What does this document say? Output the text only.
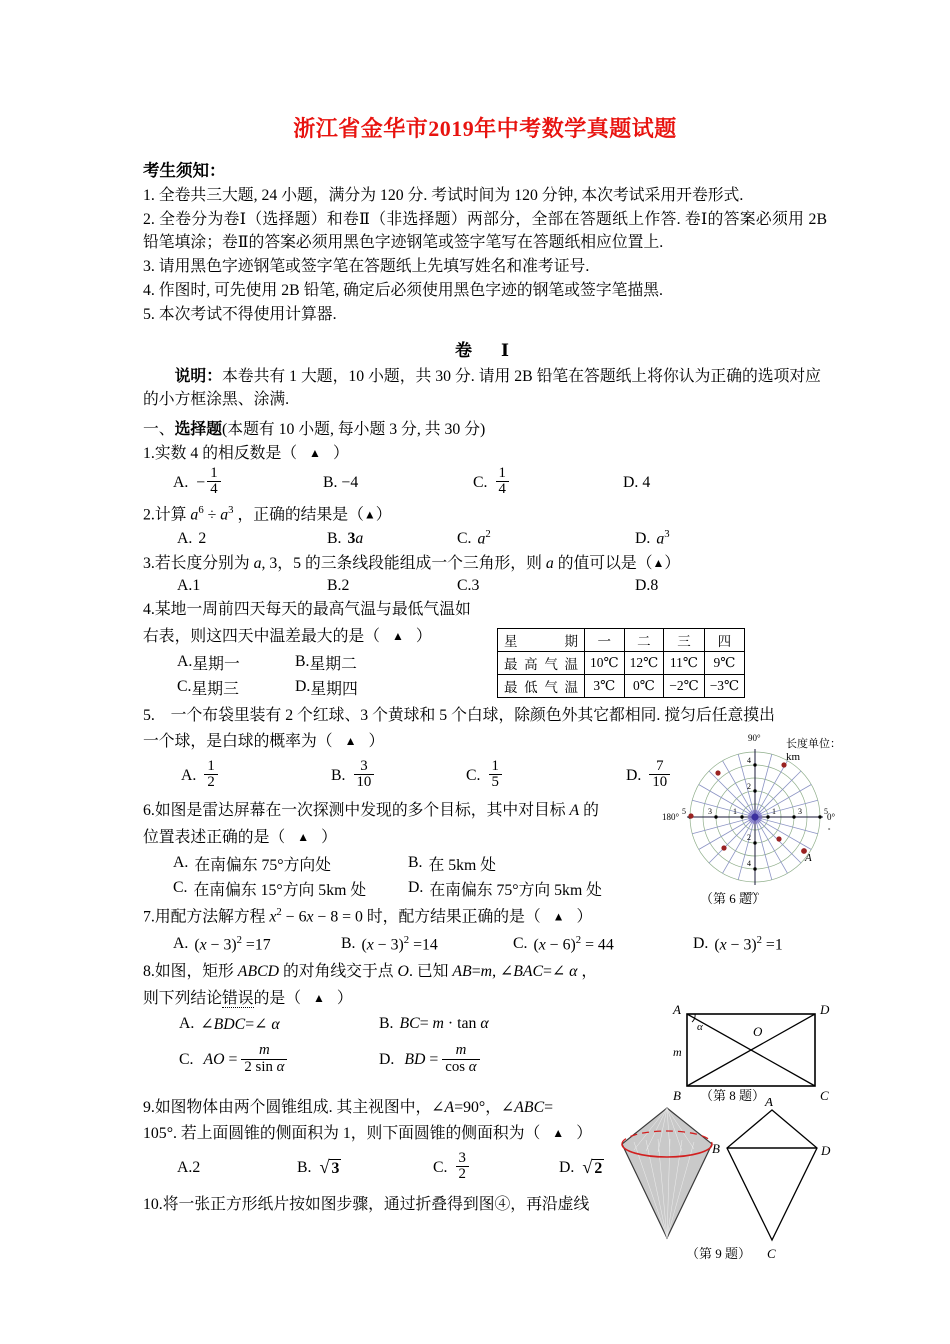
浙江省金华市2019年中考数学真题试题
考生须知：
1. 全卷共三大题, 24 小题，满分为 120 分. 考试时间为 120 分钟, 本次考试采用开卷形式.
2. 全卷分为卷Ⅰ（选择题）和卷Ⅱ（非选择题）两部分，全部在答题纸上作答. 卷Ⅰ的答案必须用 2B 铅笔填涂；卷Ⅱ的答案必须用黑色字迹钢笔或签字笔写在答题纸相应位置上.
3. 请用黑色字迹钢笔或签字笔在答题纸上先填写姓名和准考证号.
4. 作图时, 可先使用 2B 铅笔, 确定后必须使用黑色字迹的钢笔或签字笔描黑.
5. 本次考试不得使用计算器.
卷　Ⅰ
说明：本卷共有 1 大题，10 小题，共 30 分. 请用 2B 铅笔在答题纸上将你认为正确的选项对应的小方框涂黑、涂满.
一、选择题(本题有 10 小题, 每小题 3 分, 共 30 分)
1.实数 4 的相反数是（　▲　）
A. − $\frac{1}{4}$	B. −4	C. $\frac{1}{4}$	D. 4
2.计算 $a^6 \div a^3$ ，正确的结果是（▲）
A. 2	B. 3a	C. $a^2$	D. $a^3$
3.若长度分别为 a, 3，5 的三条线段能组成一个三角形，则 a 的值可以是（▲）
A. 1	B. 2	C. 3	D. 8
4.某地一周前四天每天的最高气温与最低气温如
右表，则这四天中温差最大的是（　▲　）
A. 星期一	B. 星期二
C. 星期三	D. 星期四
5.　 一个布袋里装有 2 个红球、3 个黄球和 5 个白球，除颜色外其它都相同. 搅匀后任意摸出
一个球，是白球的概率为（　▲　）
A. $\frac{1}{2}$	B. $\frac{3}{10}$	C. $\frac{1}{5}$	D. $\frac{7}{10}$
6.如图是雷达屏幕在一次探测中发现的多个目标，其中对目标 A 的
位置表述正确的是（　▲　）
A. 在南偏东 75°方向处	B. 在 5km 处
C. 在南偏东 15°方向 5km 处	D. 在南偏东 75°方向 5km 处
7.用配方法解方程 $x^2 - 6x - 8 = 0$ 时，配方结果正确的是（　▲　）
A. $(x - 3)^2 =17$	B. $(x - 3)^2 =14$	C. $(x - 6)^2 = 44$	D. $(x - 3)^2 =1$
8.如图，矩形 ABCD 的对角线交于点 O. 已知 AB=m, ∠BAC=∠ α ，
则下列结论错误的是（　▲　）
A. ∠BDC=∠ α	B. BC= m · tan α
C. AO = $\frac{m}{\text{2 sin α}}$	D. BD = $\frac{m}{\text{cos α}}$
9.如图物体由两个圆锥组成. 其主视图中，∠A=90°，∠ABC=
105°. 若上面圆锥的侧面积为 1，则下面圆锥的侧面积为（　▲　）
A. 2	B. √ 3	C. $\frac{3}{2}$	D. √ 2
10.将一张正方形纸片按如图步骤，通过折叠得到图④，再沿虚线
星　期	一	二	三	四
最高气温	10℃	12℃	11℃	9℃
最低气温	3℃	0℃	−2℃	−3℃
90° 长度单位：km
1	3	5
1
3
5
2
4
2
4	A
180°	0°
°
（第 6 题）
A	D
B	C
O
α
m
（第 8 题） A
B	D
C
（第 9 题）
